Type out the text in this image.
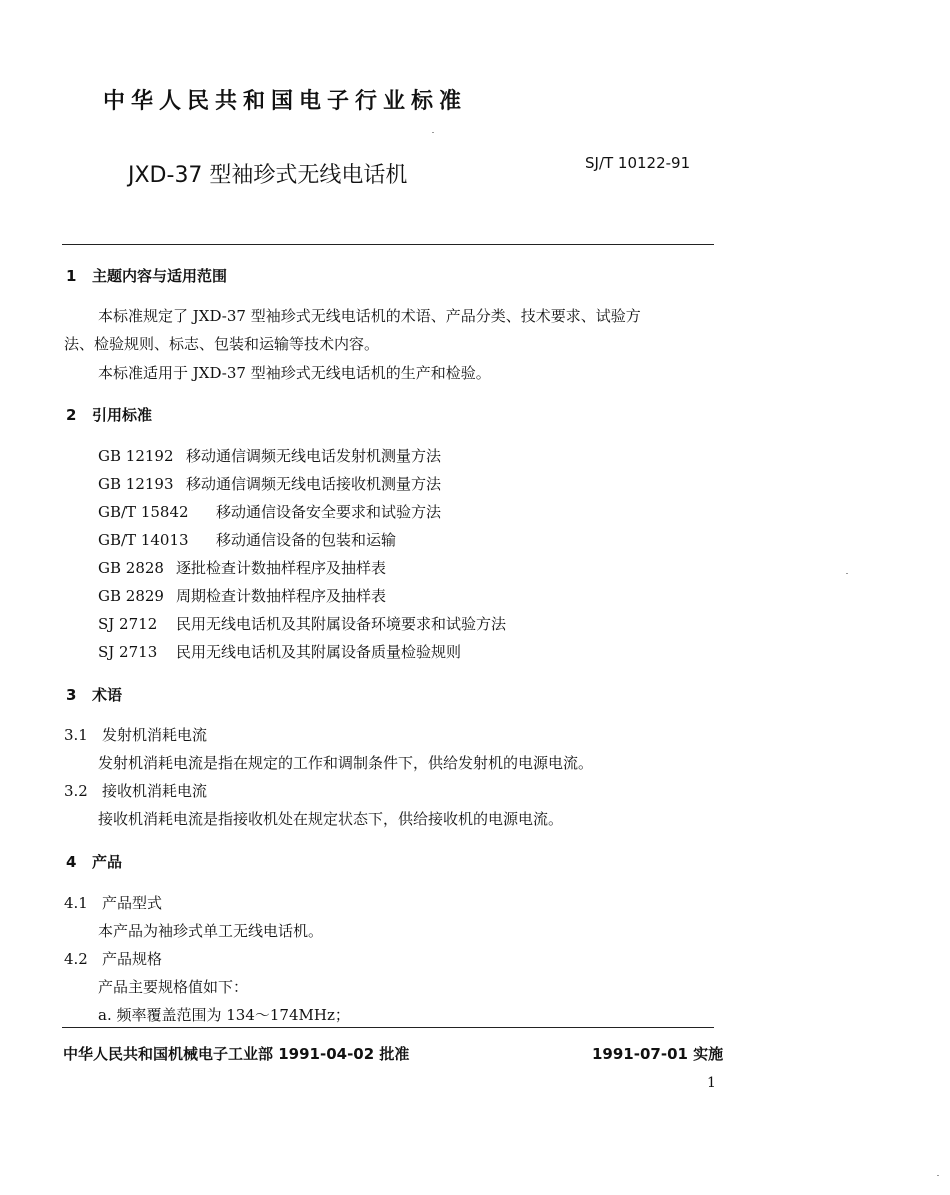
中华人民共和国电子行业标准
JXD-37 型袖珍式无线电话机	SJ/T 10122-91
1 主题内容与适用范围
本标准规定了 JXD-37 型袖珍式无线电话机的术语、产品分类、技术要求、试验方
法、检验规则、标志、包装和运输等技术内容。
本标准适用于 JXD-37 型袖珍式无线电话机的生产和检验。
2 引用标准
GB 12192 移动通信调频无线电话发射机测量方法
GB 12193 移动通信调频无线电话接收机测量方法
GB/T 15842 移动通信设备安全要求和试验方法
GB/T 14013 移动通信设备的包装和运输
GB 2828 逐批检查计数抽样程序及抽样表
GB 2829 周期检查计数抽样程序及抽样表
SJ 2712 民用无线电话机及其附属设备环境要求和试验方法
SJ 2713 民用无线电话机及其附属设备质量检验规则
3 术语
3.1 发射机消耗电流
发射机消耗电流是指在规定的工作和调制条件下，供给发射机的电源电流。
3.2 接收机消耗电流
接收机消耗电流是指接收机处在规定状态下，供给接收机的电源电流。
4 产品
4.1 产品型式
本产品为袖珍式单工无线电话机。
4.2 产品规格
产品主要规格值如下：
a. 频率覆盖范围为 134～174MHz；
中华人民共和国机械电子工业部 1991-04-02 批准	1991-07-01 实施
1
